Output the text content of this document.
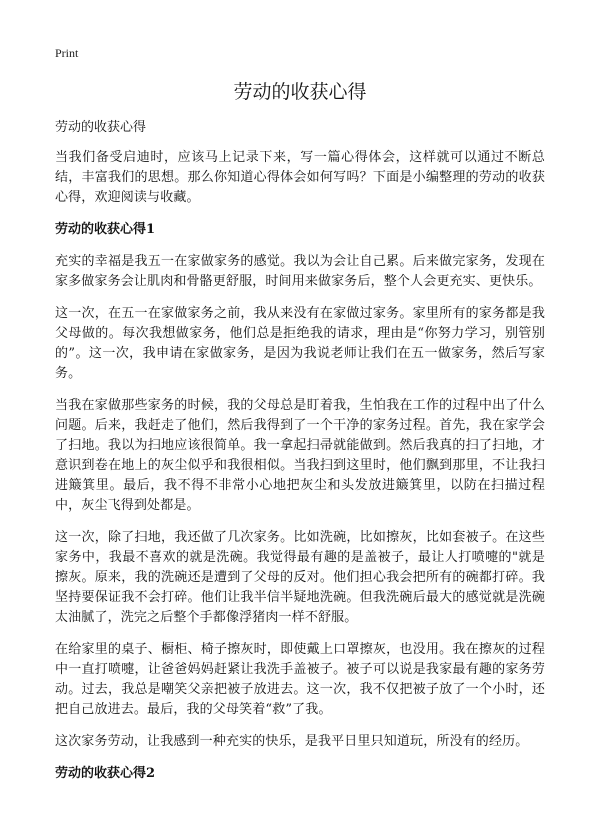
Print
劳动的收获心得

劳动的收获心得

当我们备受启迪时，应该马上记录下来，写一篇心得体会，这样就可以通过不断总结，丰富我们的思想。那么你知道心得体会如何写吗？下面是小编整理的劳动的收获心得，欢迎阅读与收藏。

劳动的收获心得1

充实的幸福是我五一在家做家务的感觉。我以为会让自己累。后来做完家务，发现在家多做家务会让肌肉和骨骼更舒服，时间用来做家务后，整个人会更充实、更快乐。

这一次，在五一在家做家务之前，我从来没有在家做过家务。家里所有的家务都是我父母做的。每次我想做家务，他们总是拒绝我的请求，理由是“你努力学习，别管别的”。这一次，我申请在家做家务，是因为我说老师让我们在五一做家务，然后写家务。

当我在家做那些家务的时候，我的父母总是盯着我，生怕我在工作的过程中出了什么问题。后来，我赶走了他们，然后我得到了一个干净的家务过程。首先，我在家学会了扫地。我以为扫地应该很简单。我一拿起扫帚就能做到。然后我真的扫了扫地，才意识到卷在地上的灰尘似乎和我很相似。当我扫到这里时，他们飘到那里，不让我扫进簸箕里。最后，我不得不非常小心地把灰尘和头发放进簸箕里，以防在扫描过程中，灰尘飞得到处都是。

这一次，除了扫地，我还做了几次家务。比如洗碗，比如擦灰，比如套被子。在这些家务中，我最不喜欢的就是洗碗。我觉得最有趣的是盖被子，最让人打喷嚏的"就是擦灰。原来，我的洗碗还是遭到了父母的反对。他们担心我会把所有的碗都打碎。我坚持要保证我不会打碎。他们让我半信半疑地洗碗。但我洗碗后最大的感觉就是洗碗太油腻了，洗完之后整个手都像浮猪肉一样不舒服。

在给家里的桌子、橱柜、椅子擦灰时，即使戴上口罩擦灰，也没用。我在擦灰的过程中一直打喷嚏，让爸爸妈妈赶紧让我洗手盖被子。被子可以说是我家最有趣的家务劳动。过去，我总是嘲笑父亲把被子放进去。这一次，我不仅把被子放了一个小时，还把自己放进去。最后，我的父母笑着“救”了我。

这次家务劳动，让我感到一种充实的快乐，是我平日里只知道玩，所没有的经历。

劳动的收获心得2
